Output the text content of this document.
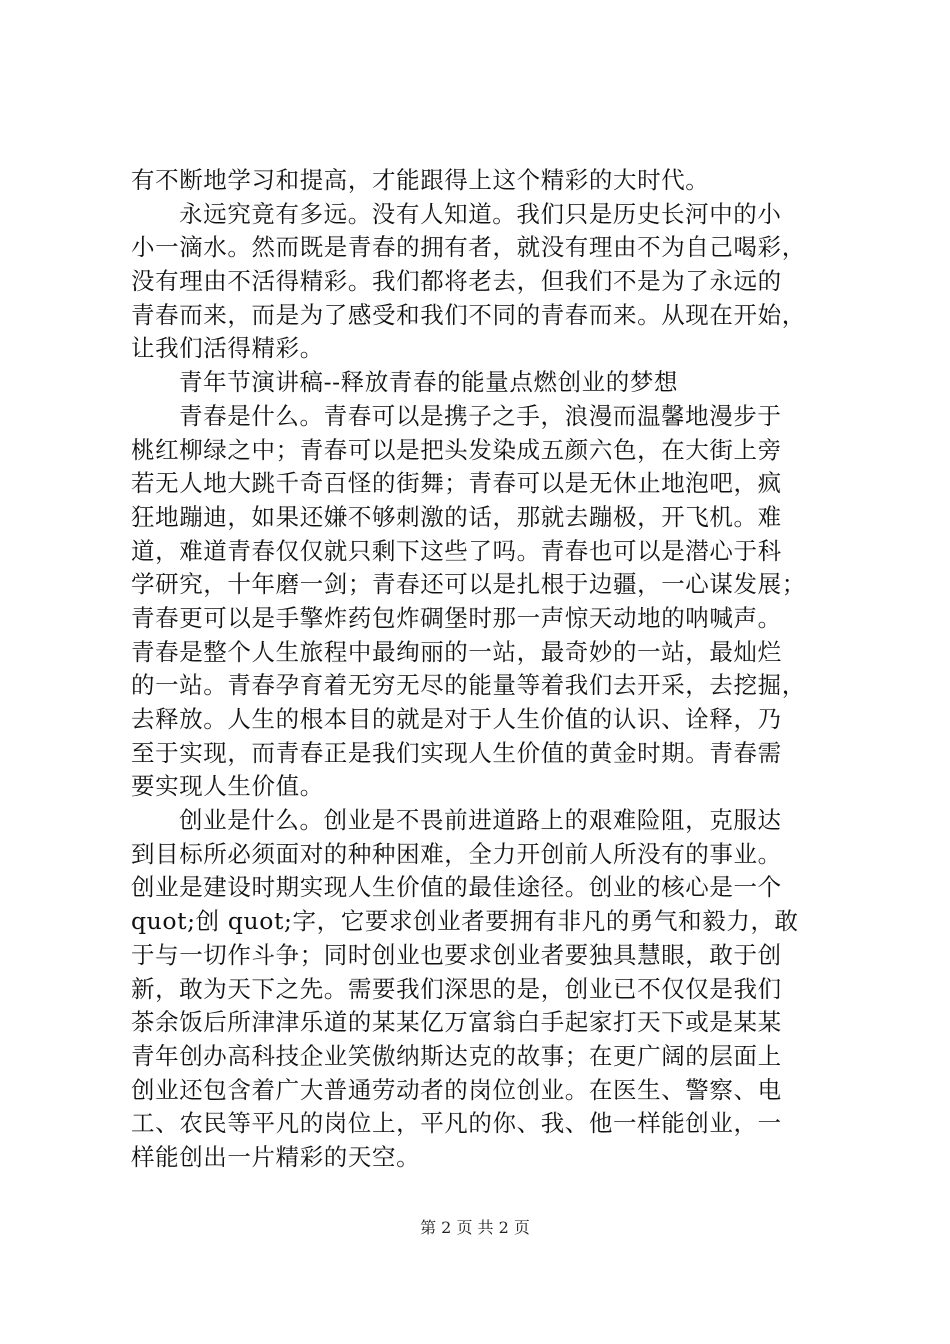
有不断地学习和提高，才能跟得上这个精彩的大时代。
永远究竟有多远。没有人知道。我们只是历史长河中的小
小一滴水。然而既是青春的拥有者，就没有理由不为自己喝彩，
没有理由不活得精彩。我们都将老去，但我们不是为了永远的
青春而来，而是为了感受和我们不同的青春而来。从现在开始，
让我们活得精彩。
青年节演讲稿--释放青春的能量点燃创业的梦想
青春是什么。青春可以是携子之手，浪漫而温馨地漫步于
桃红柳绿之中；青春可以是把头发染成五颜六色，在大街上旁
若无人地大跳千奇百怪的街舞；青春可以是无休止地泡吧，疯
狂地蹦迪，如果还嫌不够刺激的话，那就去蹦极，开飞机。难
道，难道青春仅仅就只剩下这些了吗。青春也可以是潜心于科
学研究，十年磨一剑；青春还可以是扎根于边疆，一心谋发展；
青春更可以是手擎炸药包炸碉堡时那一声惊天动地的呐喊声。
青春是整个人生旅程中最绚丽的一站，最奇妙的一站，最灿烂
的一站。青春孕育着无穷无尽的能量等着我们去开采，去挖掘，
去释放。人生的根本目的就是对于人生价值的认识、诠释，乃
至于实现，而青春正是我们实现人生价值的黄金时期。青春需
要实现人生价值。
创业是什么。创业是不畏前进道路上的艰难险阻，克服达
到目标所必须面对的种种困难，全力开创前人所没有的事业。
创业是建设时期实现人生价值的最佳途径。创业的核心是一个
quot;创 quot;字，它要求创业者要拥有非凡的勇气和毅力，敢
于与一切作斗争；同时创业也要求创业者要独具慧眼，敢于创
新，敢为天下之先。需要我们深思的是，创业已不仅仅是我们
茶余饭后所津津乐道的某某亿万富翁白手起家打天下或是某某
青年创办高科技企业笑傲纳斯达克的故事；在更广阔的层面上
创业还包含着广大普通劳动者的岗位创业。在医生、警察、电
工、农民等平凡的岗位上，平凡的你、我、他一样能创业，一
样能创出一片精彩的天空。
第 2 页 共 2 页
